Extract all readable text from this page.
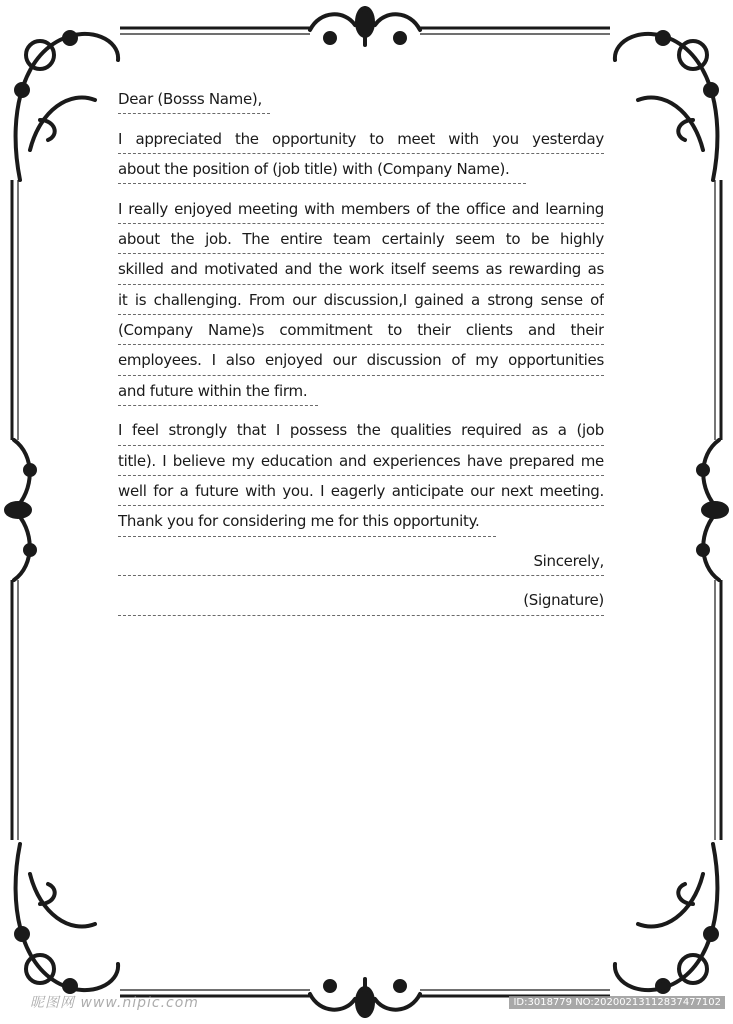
Dear (Bosss Name),
I appreciated the opportunity to meet with you yesterday
about the position of (job title) with (Company Name).
I really enjoyed meeting with members of the office and learning
about the job. The entire team certainly seem to be highly
skilled and motivated and the work itself seems as rewarding as
it is challenging. From our discussion,I gained a strong sense of
(Company Name)s commitment to their clients and their
employees. I also enjoyed our discussion of my opportunities
and future within the firm.
I feel strongly that I possess the qualities required as a (job
title). I believe my education and experiences have prepared me
well for a future with you. I eagerly anticipate our next meeting.
Thank you for considering me for this opportunity.
Sincerely,
(Signature)
昵图网 www.nipic.com	ID:3018779 NO:20200213112837477102
